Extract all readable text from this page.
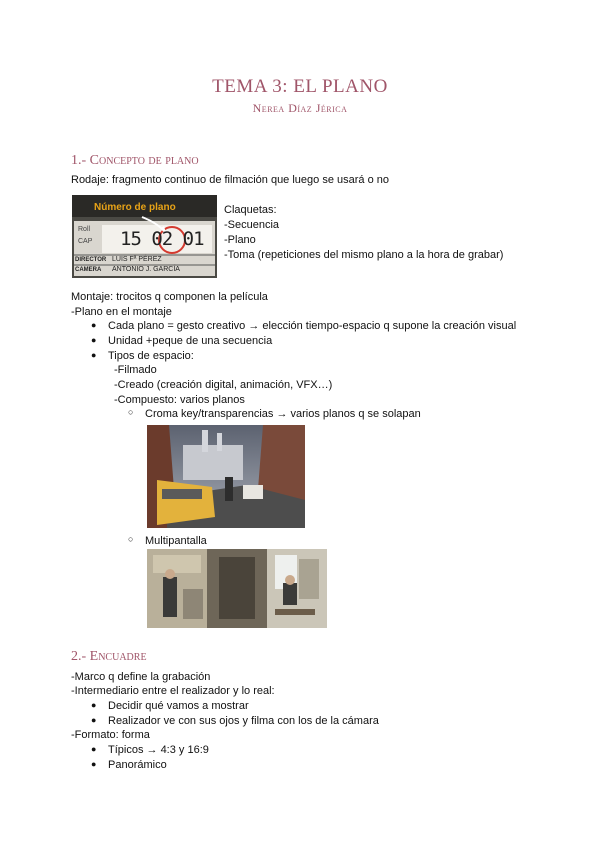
TEMA 3: EL PLANO
Nerea Díaz Jérica
1.- Concepto de plano
Rodaje: fragmento continuo de filmación que luego se usará o no
Número de plano
15 02 01
Roll
CAP
DIRECTOR LUIS Fª PÉREZ
CAMERA ANTONIO J. GARCÍA
Claquetas:
-Secuencia
-Plano
-Toma (repeticiones del mismo plano a la hora de grabar)
Montaje: trocitos q componen la película
-Plano en el montaje
● Cada plano = gesto creativo → elección tiempo-espacio q supone la creación visual
● Unidad +peque de una secuencia
● Tipos de espacio:
-Filmado
-Creado (creación digital, animación, VFX…)
-Compuesto: varios planos
○ Croma key/transparencias → varios planos q se solapan
○ Multipantalla
2.- Encuadre
-Marco q define la grabación
-Intermediario entre el realizador y lo real:
● Decidir qué vamos a mostrar
● Realizador ve con sus ojos y filma con los de la cámara
-Formato: forma
● Típicos → 4:3 y 16:9
● Panorámico
